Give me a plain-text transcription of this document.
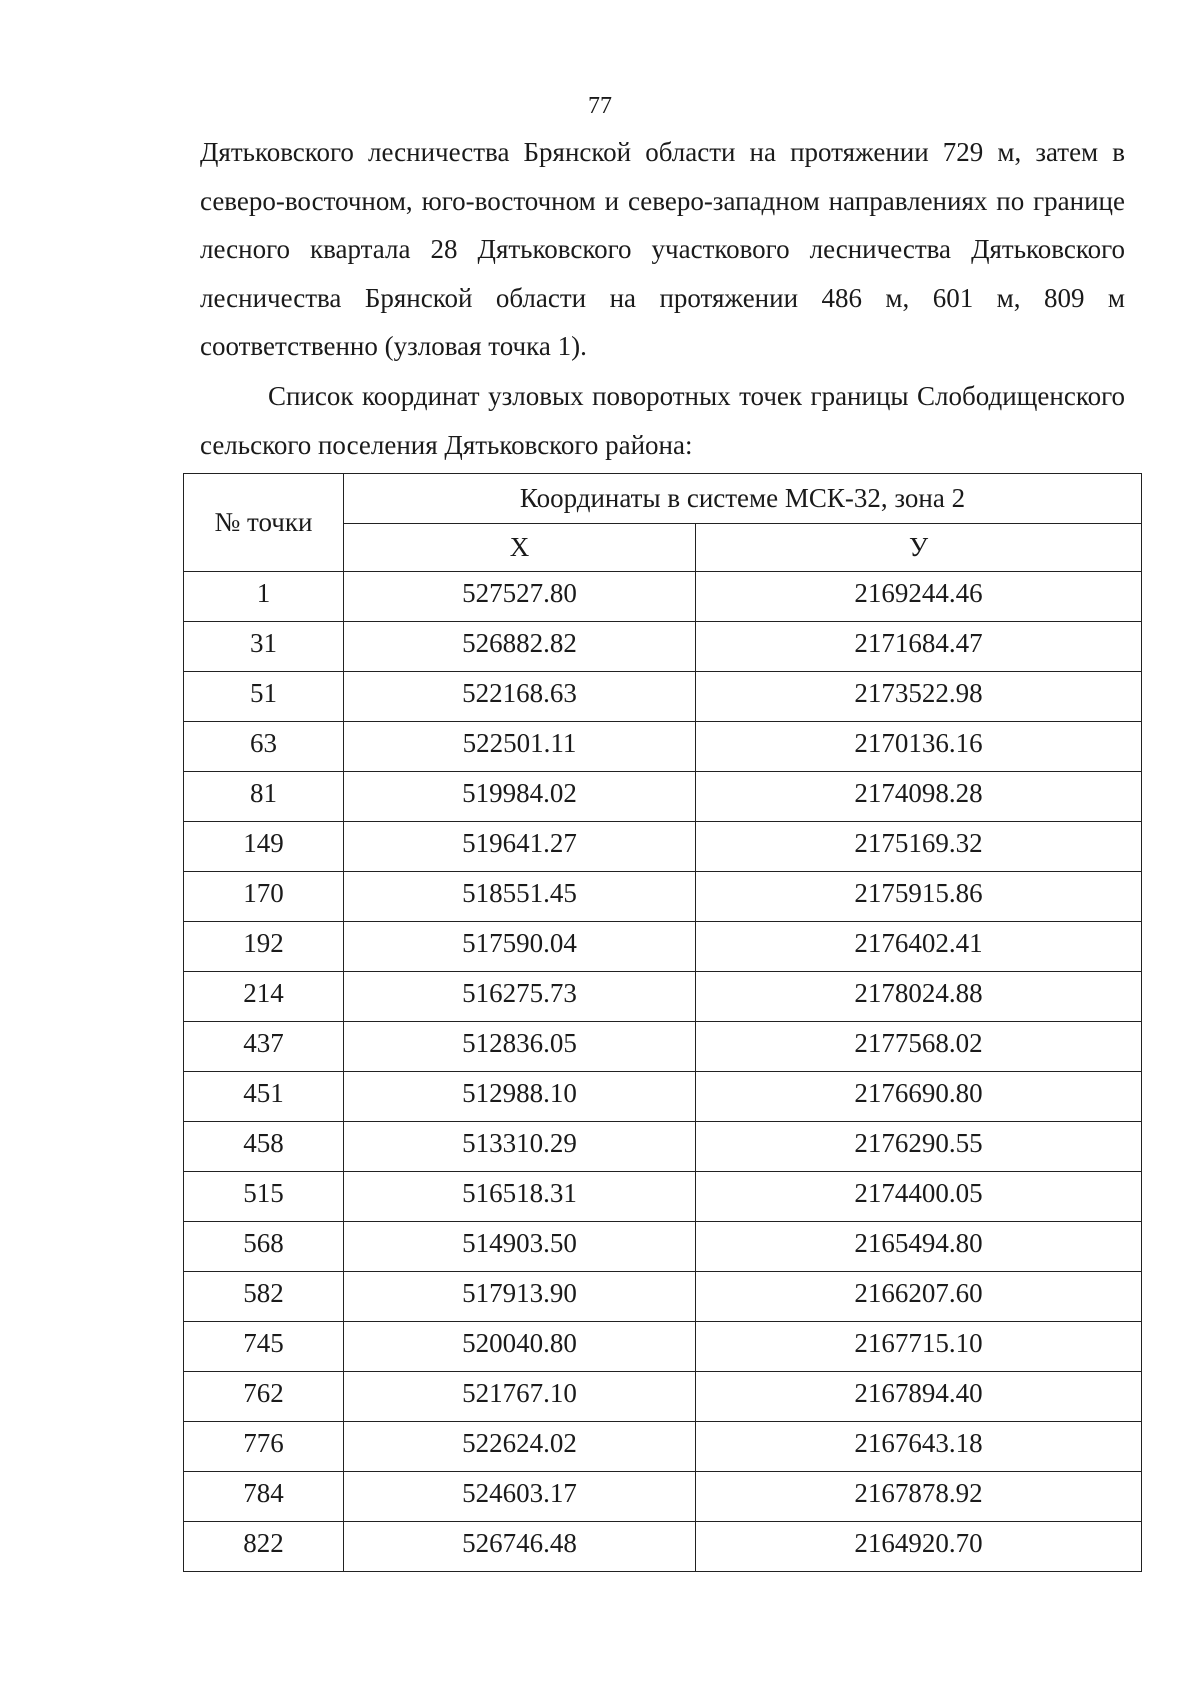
77
Дятьковского лесничества Брянской области на протяжении 729 м, затем в северо-восточном, юго-восточном и северо-западном направлениях по границе лесного квартала 28 Дятьковского участкового лесничества Дятьковского лесничества Брянской области на протяжении 486 м, 601 м, 809 м соответственно (узловая точка 1).
Список координат узловых поворотных точек границы Слободищенского сельского поселения Дятьковского района:
№ точки	Координаты в системе МСК-32, зона 2	
	Х	У
1	527527.80	2169244.46
31	526882.82	2171684.47
51	522168.63	2173522.98
63	522501.11	2170136.16
81	519984.02	2174098.28
149	519641.27	2175169.32
170	518551.45	2175915.86
192	517590.04	2176402.41
214	516275.73	2178024.88
437	512836.05	2177568.02
451	512988.10	2176690.80
458	513310.29	2176290.55
515	516518.31	2174400.05
568	514903.50	2165494.80
582	517913.90	2166207.60
745	520040.80	2167715.10
762	521767.10	2167894.40
776	522624.02	2167643.18
784	524603.17	2167878.92
822	526746.48	2164920.70
